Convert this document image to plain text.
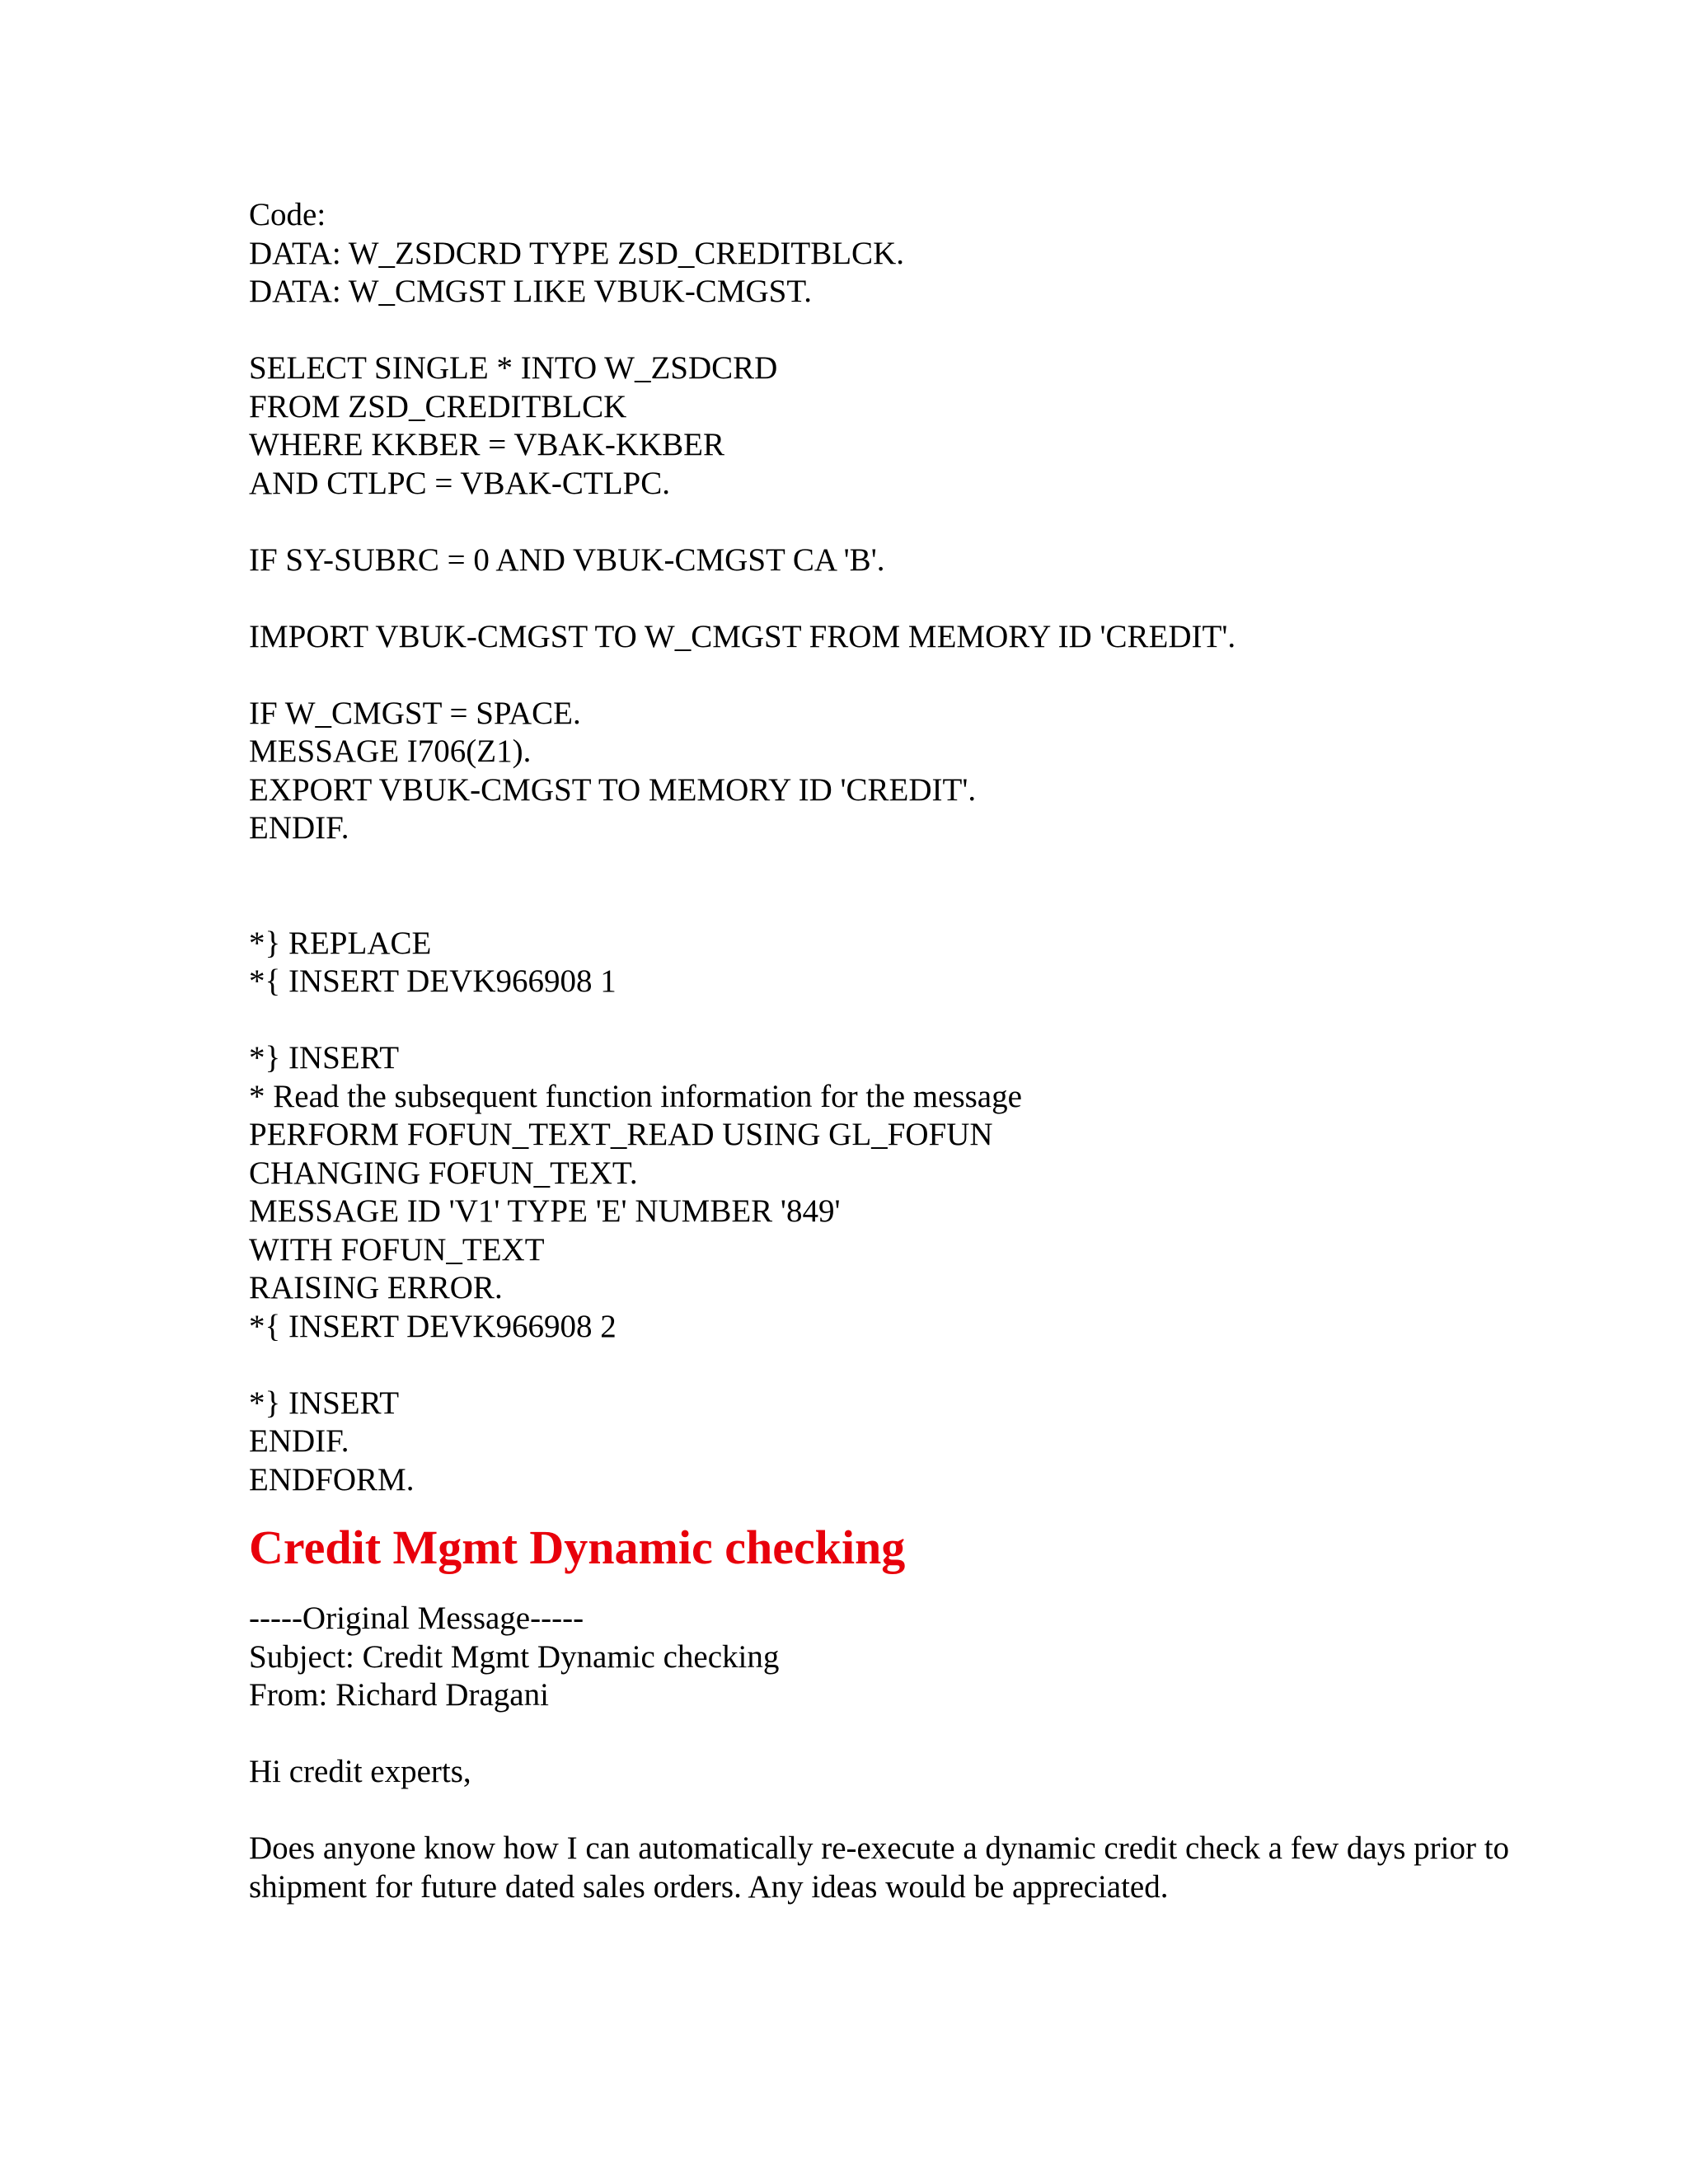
Code:
DATA: W_ZSDCRD TYPE ZSD_CREDITBLCK.
DATA: W_CMGST LIKE VBUK-CMGST.
SELECT SINGLE * INTO W_ZSDCRD
FROM ZSD_CREDITBLCK
WHERE KKBER = VBAK-KKBER
AND CTLPC = VBAK-CTLPC.
IF SY-SUBRC = 0 AND VBUK-CMGST CA 'B'.
IMPORT VBUK-CMGST TO W_CMGST FROM MEMORY ID 'CREDIT'.
IF W_CMGST = SPACE.
MESSAGE I706(Z1).
EXPORT VBUK-CMGST TO MEMORY ID 'CREDIT'.
ENDIF.
*} REPLACE
*{ INSERT DEVK966908 1
*} INSERT
* Read the subsequent function information for the message
PERFORM FOFUN_TEXT_READ USING GL_FOFUN
CHANGING FOFUN_TEXT.
MESSAGE ID 'V1' TYPE 'E' NUMBER '849'
WITH FOFUN_TEXT
RAISING ERROR.
*{ INSERT DEVK966908 2
*} INSERT
ENDIF.
ENDFORM.
Credit Mgmt Dynamic checking
-----Original Message-----
Subject: Credit Mgmt Dynamic checking
From: Richard Dragani
Hi credit experts,
Does anyone know how I can automatically re-execute a dynamic credit check a few days prior to shipment for future dated sales orders. Any ideas would be appreciated.
